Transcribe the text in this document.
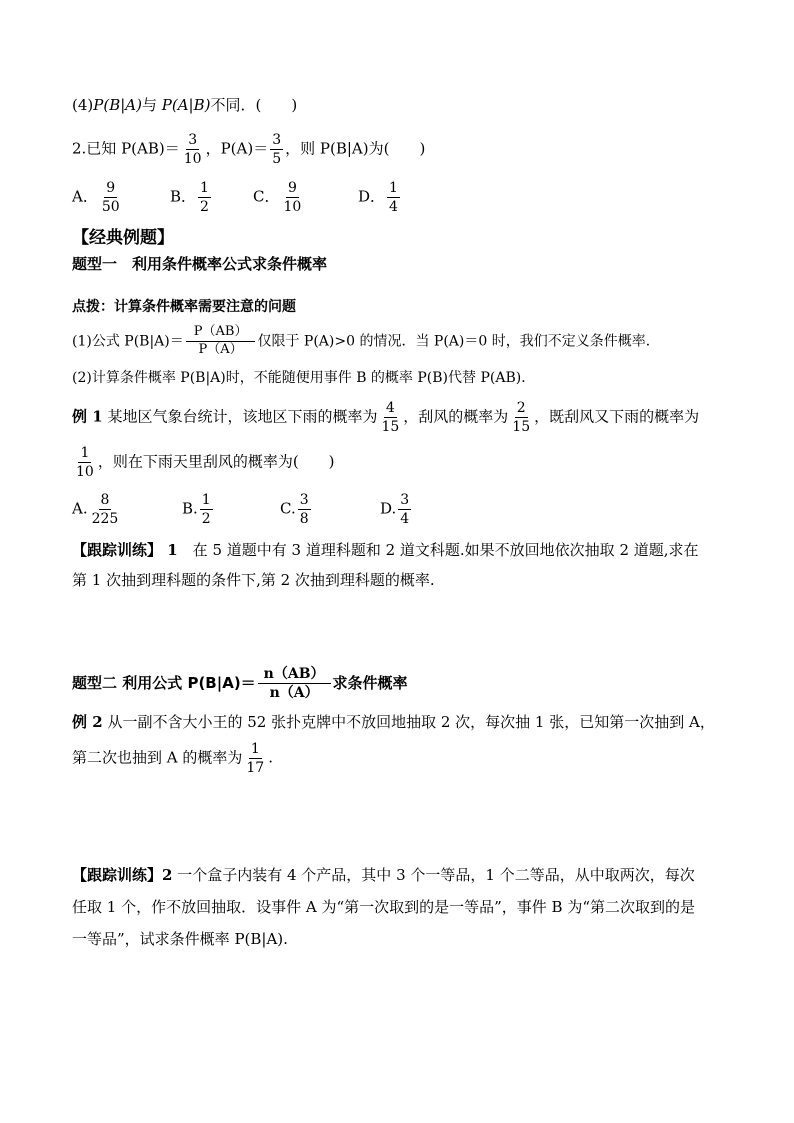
(4)P(B|A)与 P(A|B)不同．(　　)
2.已知 $P(AB)= \frac{3}{10}$ ，$P(A)= \frac{3}{5}$ ，则 P(B|A)为(　　)
A． $\frac{9}{50}$	B． $\frac{1}{2}$	C． $\frac{9}{10}$	D． $\frac{1}{4}$
【经典例题】
题型一　利用条件概率公式求条件概率
点拨：计算条件概率需要注意的问题
(1)公式 $P(B|A)= \frac{P(AB)}{P(A)}$ 仅限于 P(A)>0 的情况．当 P(A)＝0 时，我们不定义条件概率．
(2)计算条件概率 P(B|A)时，不能随便用事件 B 的概率 P(B)代替 P(AB)．
例 1 某地区气象台统计，该地区下雨的概率为 $\frac{4}{15}$ ，刮风的概率为 $\frac{2}{15}$ ，既刮风又下雨的概率为
$\frac{1}{10}$ ，则在下雨天里刮风的概率为(　　)
A. $\frac{8}{225}$	B. $\frac{1}{2}$	C. $\frac{3}{8}$	D. $\frac{3}{4}$
【跟踪训练】 1　在 5 道题中有 3 道理科题和 2 道文科题.如果不放回地依次抽取 2 道题,求在
第 1 次抽到理科题的条件下,第 2 次抽到理科题的概率.
题型二 利用公式 $P(B|A)= \frac{n(AB)}{n(A)}$ 求条件概率
例 2 从一副不含大小王的 52 张扑克牌中不放回地抽取 2 次，每次抽 1 张，已知第一次抽到 A，
第二次也抽到 A 的概率为 $\frac{1}{17}$ .
【跟踪训练】2 一个盒子内装有 4 个产品，其中 3 个一等品，1 个二等品，从中取两次，每次
任取 1 个，作不放回抽取．设事件 A 为“第一次取到的是一等品”，事件 B 为“第二次取到的是
一等品”，试求条件概率 P(B|A).
